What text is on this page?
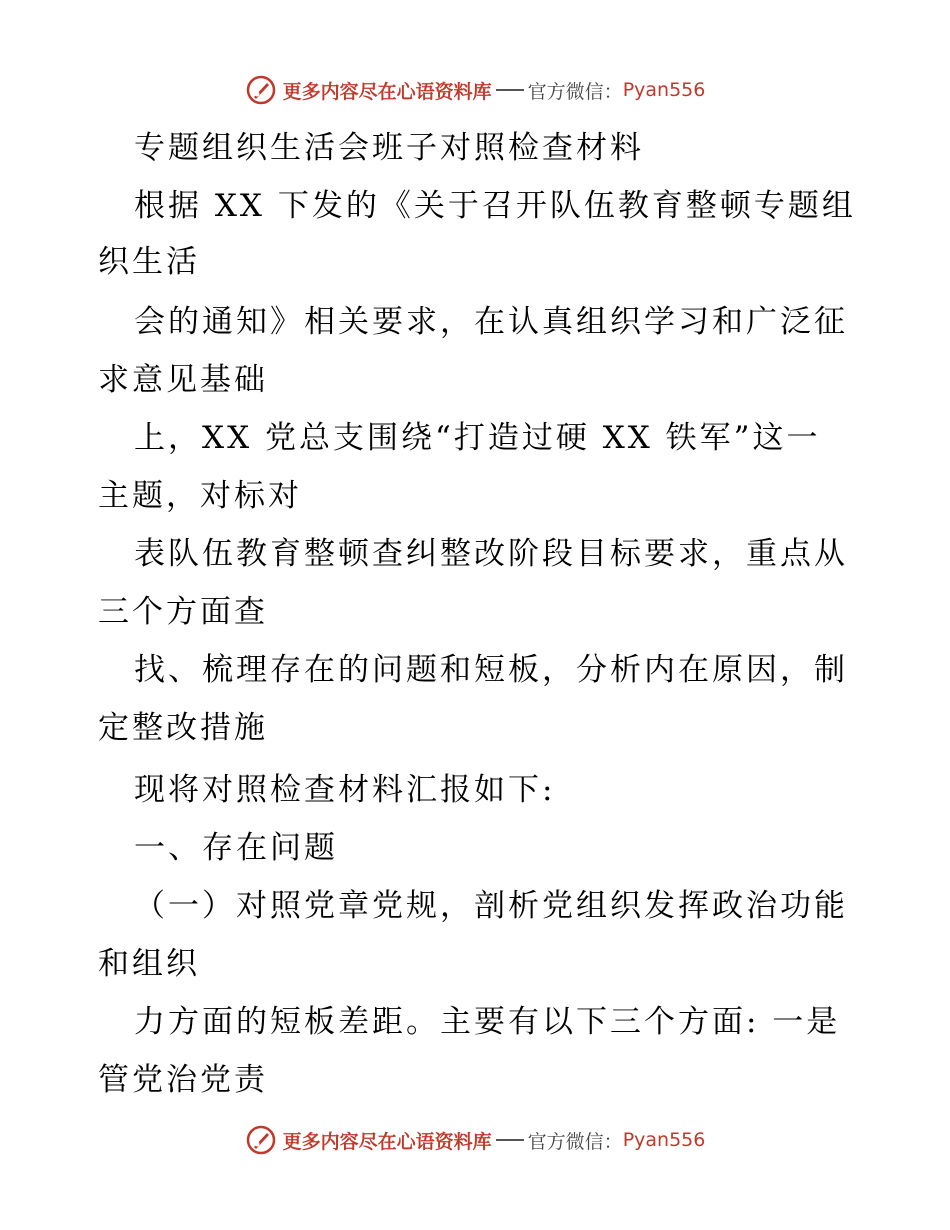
更多内容尽在心语资料库 官方微信： Pyan556
专题组织生活会班子对照检查材料
根据 XX 下发的《关于召开队伍教育整顿专题组
织生活
会的通知》相关要求，在认真组织学习和广泛征
求意见基础
上，XX 党总支围绕“打造过硬 XX 铁军”这一
主题，对标对
表队伍教育整顿查纠整改阶段目标要求，重点从
三个方面查
找、梳理存在的问题和短板，分析内在原因，制
定整改措施
现将对照检查材料汇报如下:
一、存在问题
（一）对照党章党规，剖析党组织发挥政治功能
和组织
力方面的短板差距。主要有以下三个方面: 一是
管党治党责
更多内容尽在心语资料库 官方微信： Pyan556
